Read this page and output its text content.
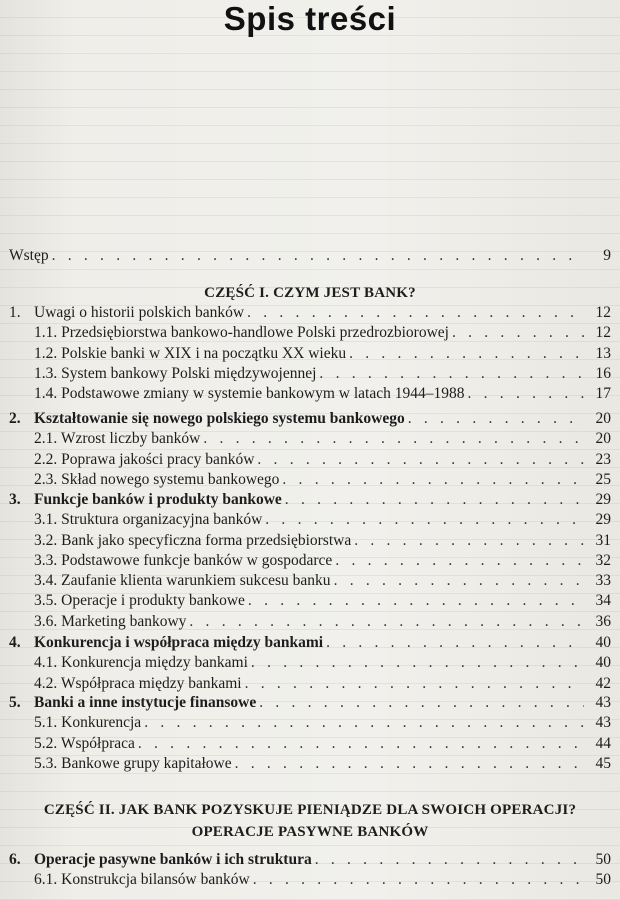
Spis treści
Wstęp . . .	9
CZĘŚĆ I. CZYM JEST BANK?
1. Uwagi o historii polskich banków . . .	12
1.1. Przedsiębiorstwa bankowo-handlowe Polski przedrozbiorowej . . .	12
1.2. Polskie banki w XIX i na początku XX wieku . . .	13
1.3. System bankowy Polski międzywojennej . . .	16
1.4. Podstawowe zmiany w systemie bankowym w latach 1944–1988 . . .	17
2. Kształtowanie się nowego polskiego systemu bankowego . . .	20
2.1. Wzrost liczby banków . . .	20
2.2. Poprawa jakości pracy banków . . .	23
2.3. Skład nowego systemu bankowego . . .	25
3. Funkcje banków i produkty bankowe . . .	29
3.1. Struktura organizacyjna banków . . .	29
3.2. Bank jako specyficzna forma przedsiębiorstwa . . .	31
3.3. Podstawowe funkcje banków w gospodarce . . .	32
3.4. Zaufanie klienta warunkiem sukcesu banku . . .	33
3.5. Operacje i produkty bankowe . . .	34
3.6. Marketing bankowy . . .	36
4. Konkurencja i współpraca między bankami . . .	40
4.1. Konkurencja między bankami . . .	40
4.2. Współpraca między bankami . . .	42
5. Banki a inne instytucje finansowe . . .	43
5.1. Konkurencja . . .	43
5.2. Współpraca . . .	44
5.3. Bankowe grupy kapitałowe . . .	45
CZĘŚĆ II. JAK BANK POZYSKUJE PIENIĄDZE DLA SWOICH OPERACJI?
OPERACJE PASYWNE BANKÓW
6. Operacje pasywne banków i ich struktura . . .	50
6.1. Konstrukcja bilansów banków . . .	50
